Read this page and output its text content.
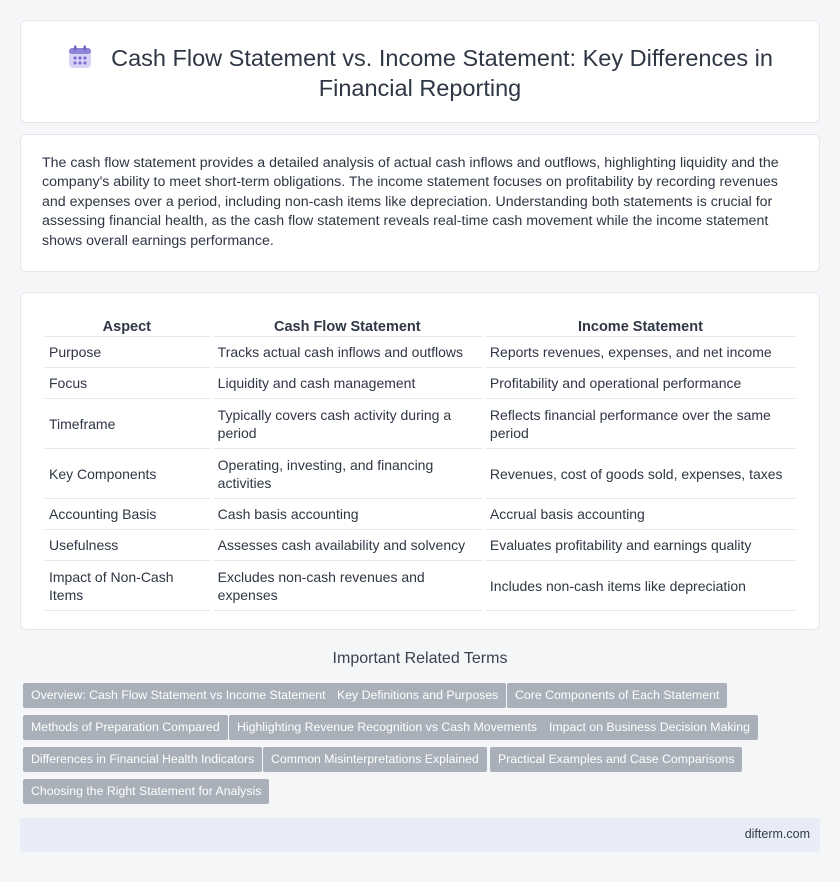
Cash Flow Statement vs. Income Statement: Key Differences in
Financial Reporting

The cash flow statement provides a detailed analysis of actual cash inflows and outflows, highlighting liquidity and the company's ability to meet short-term obligations. The income statement focuses on profitability by recording revenues and expenses over a period, including non-cash items like depreciation. Understanding both statements is crucial for assessing financial health, as the cash flow statement reveals real-time cash movement while the income statement shows overall earnings performance.

Aspect	Cash Flow Statement	Income Statement
Purpose	Tracks actual cash inflows and outflows	Reports revenues, expenses, and net income
Focus	Liquidity and cash management	Profitability and operational performance
Timeframe	Typically covers cash activity during a period	Reflects financial performance over the same period
Key Components	Operating, investing, and financing activities	Revenues, cost of goods sold, expenses, taxes
Accounting Basis	Cash basis accounting	Accrual basis accounting
Usefulness	Assesses cash availability and solvency	Evaluates profitability and earnings quality
Impact of Non-Cash Items	Excludes non-cash revenues and expenses	Includes non-cash items like depreciation
Important Related Terms
Overview: Cash Flow Statement vs Income Statement Key Definitions and Purposes	Core Components of Each Statement
Methods of Preparation Compared	Highlighting Revenue Recognition vs Cash Movements Impact on Business Decision Making
Differences in Financial Health Indicators	Common Misinterpretations Explained	Practical Examples and Case Comparisons
Choosing the Right Statement for Analysis
difterm.com
